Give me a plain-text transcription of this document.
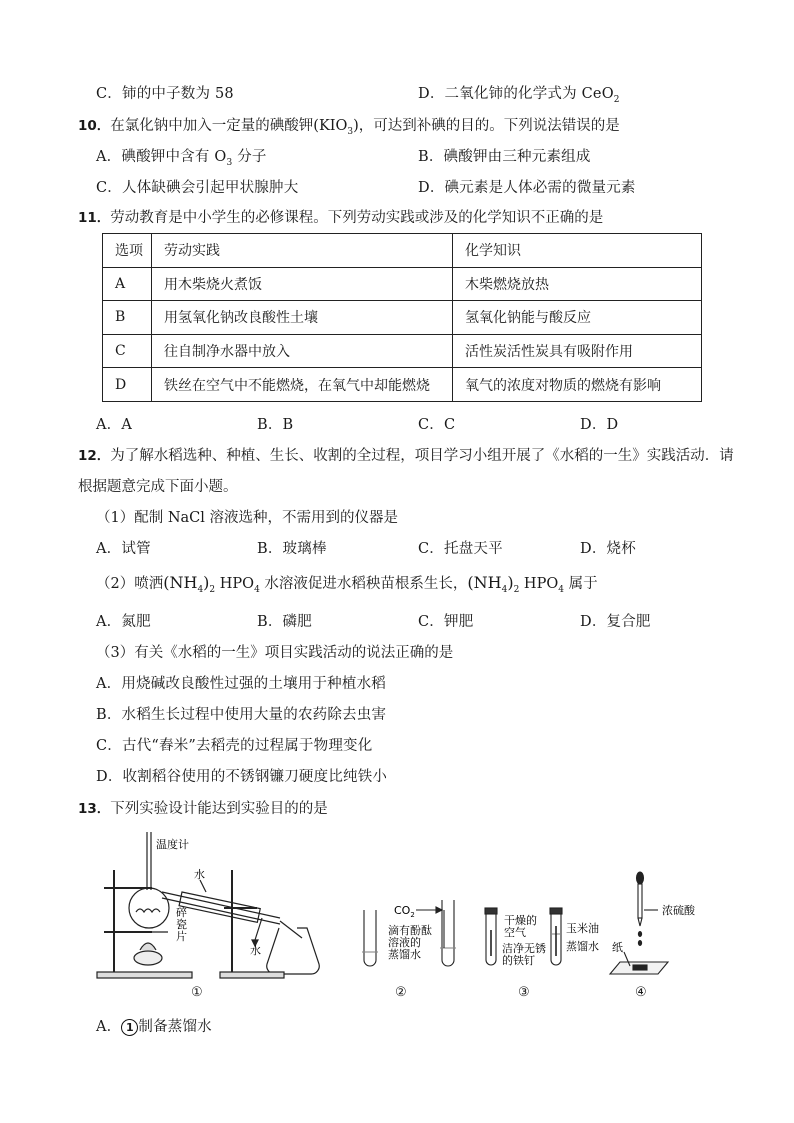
C．铈的中子数为 58	D．二氧化铈的化学式为 CeO$_2$
10．在氯化钠中加入一定量的碘酸钾$(KIO_3)$，可达到补碘的目的。下列说法错误的是
A．碘酸钾中含有 $O_3$ 分子	B．碘酸钾由三种元素组成
C．人体缺碘会引起甲状腺肿大	D．碘元素是人体必需的微量元素
11．劳动教育是中小学生的必修课程。下列劳动实践或涉及的化学知识不正确的是
选项	劳动实践	化学知识
A	用木柴烧火煮饭	木柴燃烧放热
B	用氢氧化钠改良酸性土壤	氢氧化钠能与酸反应
C	往自制净水器中放入	活性炭活性炭具有吸附作用
D	铁丝在空气中不能燃烧，在氧气中却能燃烧	氧气的浓度对物质的燃烧有影响
A．A	B．B	C．C	D．D
12．为了解水稻选种、种植、生长、收割的全过程，项目学习小组开展了《水稻的一生》实践活动．请
根据题意完成下面小题。
（1）配制 NaCl 溶液选种，不需用到的仪器是
A．试管	B．玻璃棒	C．托盘天平	D．烧杯
（2）喷洒$(NH_4)_2$ $HPO_4$ 水溶液促进水稻秧苗根系生长，$(NH_4)_2$ $HPO_4$ 属于
A．氮肥	B．磷肥	C．钾肥	D．复合肥
（3）有关《水稻的一生》项目实践活动的说法正确的是
A．用烧碱改良酸性过强的土壤用于种植水稻
B．水稻生长过程中使用大量的农药除去虫害
C．古代“舂米”去稻壳的过程属于物理变化
D．收割稻谷使用的不锈钢镰刀硬度比纯铁小
13．下列实验设计能达到实验目的的是
温度计
水
碎
瓷
片
水
$CO_2$
滴有酚酞
溶液的
蒸馏水
干燥的
空气
洁净无锈
的铁钉
玉米油
蒸馏水
浓硫酸
纸
①	②	③	④
A． 1 制备蒸馏水
